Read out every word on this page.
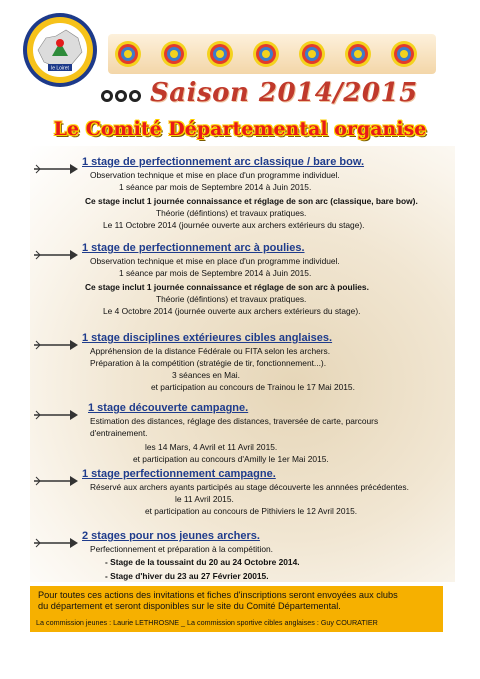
le Loiret
Saison 2014/2015
Le Comité Départemental organise
1 stage de perfectionnement arc classique / bare bow.
Observation technique et mise en place d'un programme individuel.
1 séance par mois de Septembre 2014 à Juin 2015.
Ce stage inclut 1 journée connaissance et réglage de son arc (classique, bare bow).
Théorie (défintions) et travaux pratiques.
Le 11 Octobre 2014 (journée ouverte aux archers extérieurs du stage).
1 stage de perfectionnement arc à poulies.
Observation technique et mise en place d'un programme individuel.
1 séance par mois de Septembre 2014 à Juin 2015.
Ce stage inclut 1 journée connaissance et réglage de son arc à poulies.
Théorie (défintions) et travaux pratiques.
Le 4 Octobre 2014 (journée ouverte aux archers extérieurs du stage).
1 stage disciplines extérieures cibles anglaises.
Appréhension de la distance Fédérale ou FITA selon les archers.
Préparation à la compétition (stratégie de tir, fonctionnement...).
3 séances en Mai.
et participation au concours de Trainou le 17 Mai 2015.
1 stage découverte campagne.
Estimation des distances, réglage des distances, traversée de carte, parcours
d'entrainement.
les 14 Mars, 4 Avril et 11 Avril 2015.
et participation au concours d'Amilly le 1er Mai 2015.
1 stage perfectionnement campagne.
Réservé aux archers ayants participés au stage découverte les annnées précédentes.
le 11 Avril 2015.
et participation au concours de Pithiviers le 12 Avril 2015.
2 stages pour nos jeunes archers.
Perfectionnement et préparation à la compétition.
- Stage de la toussaint du 20 au 24 Octobre 2014.
- Stage d'hiver du 23 au 27 Février 20015.
Pour toutes ces actions des invitations et fiches d'inscriptions seront envoyées aux clubs
du département et seront disponibles sur le site du Comité Départemental.
La commission jeunes : Laurie LETHROSNE _ La commission sportive cibles anglaises : Guy COURATIER
